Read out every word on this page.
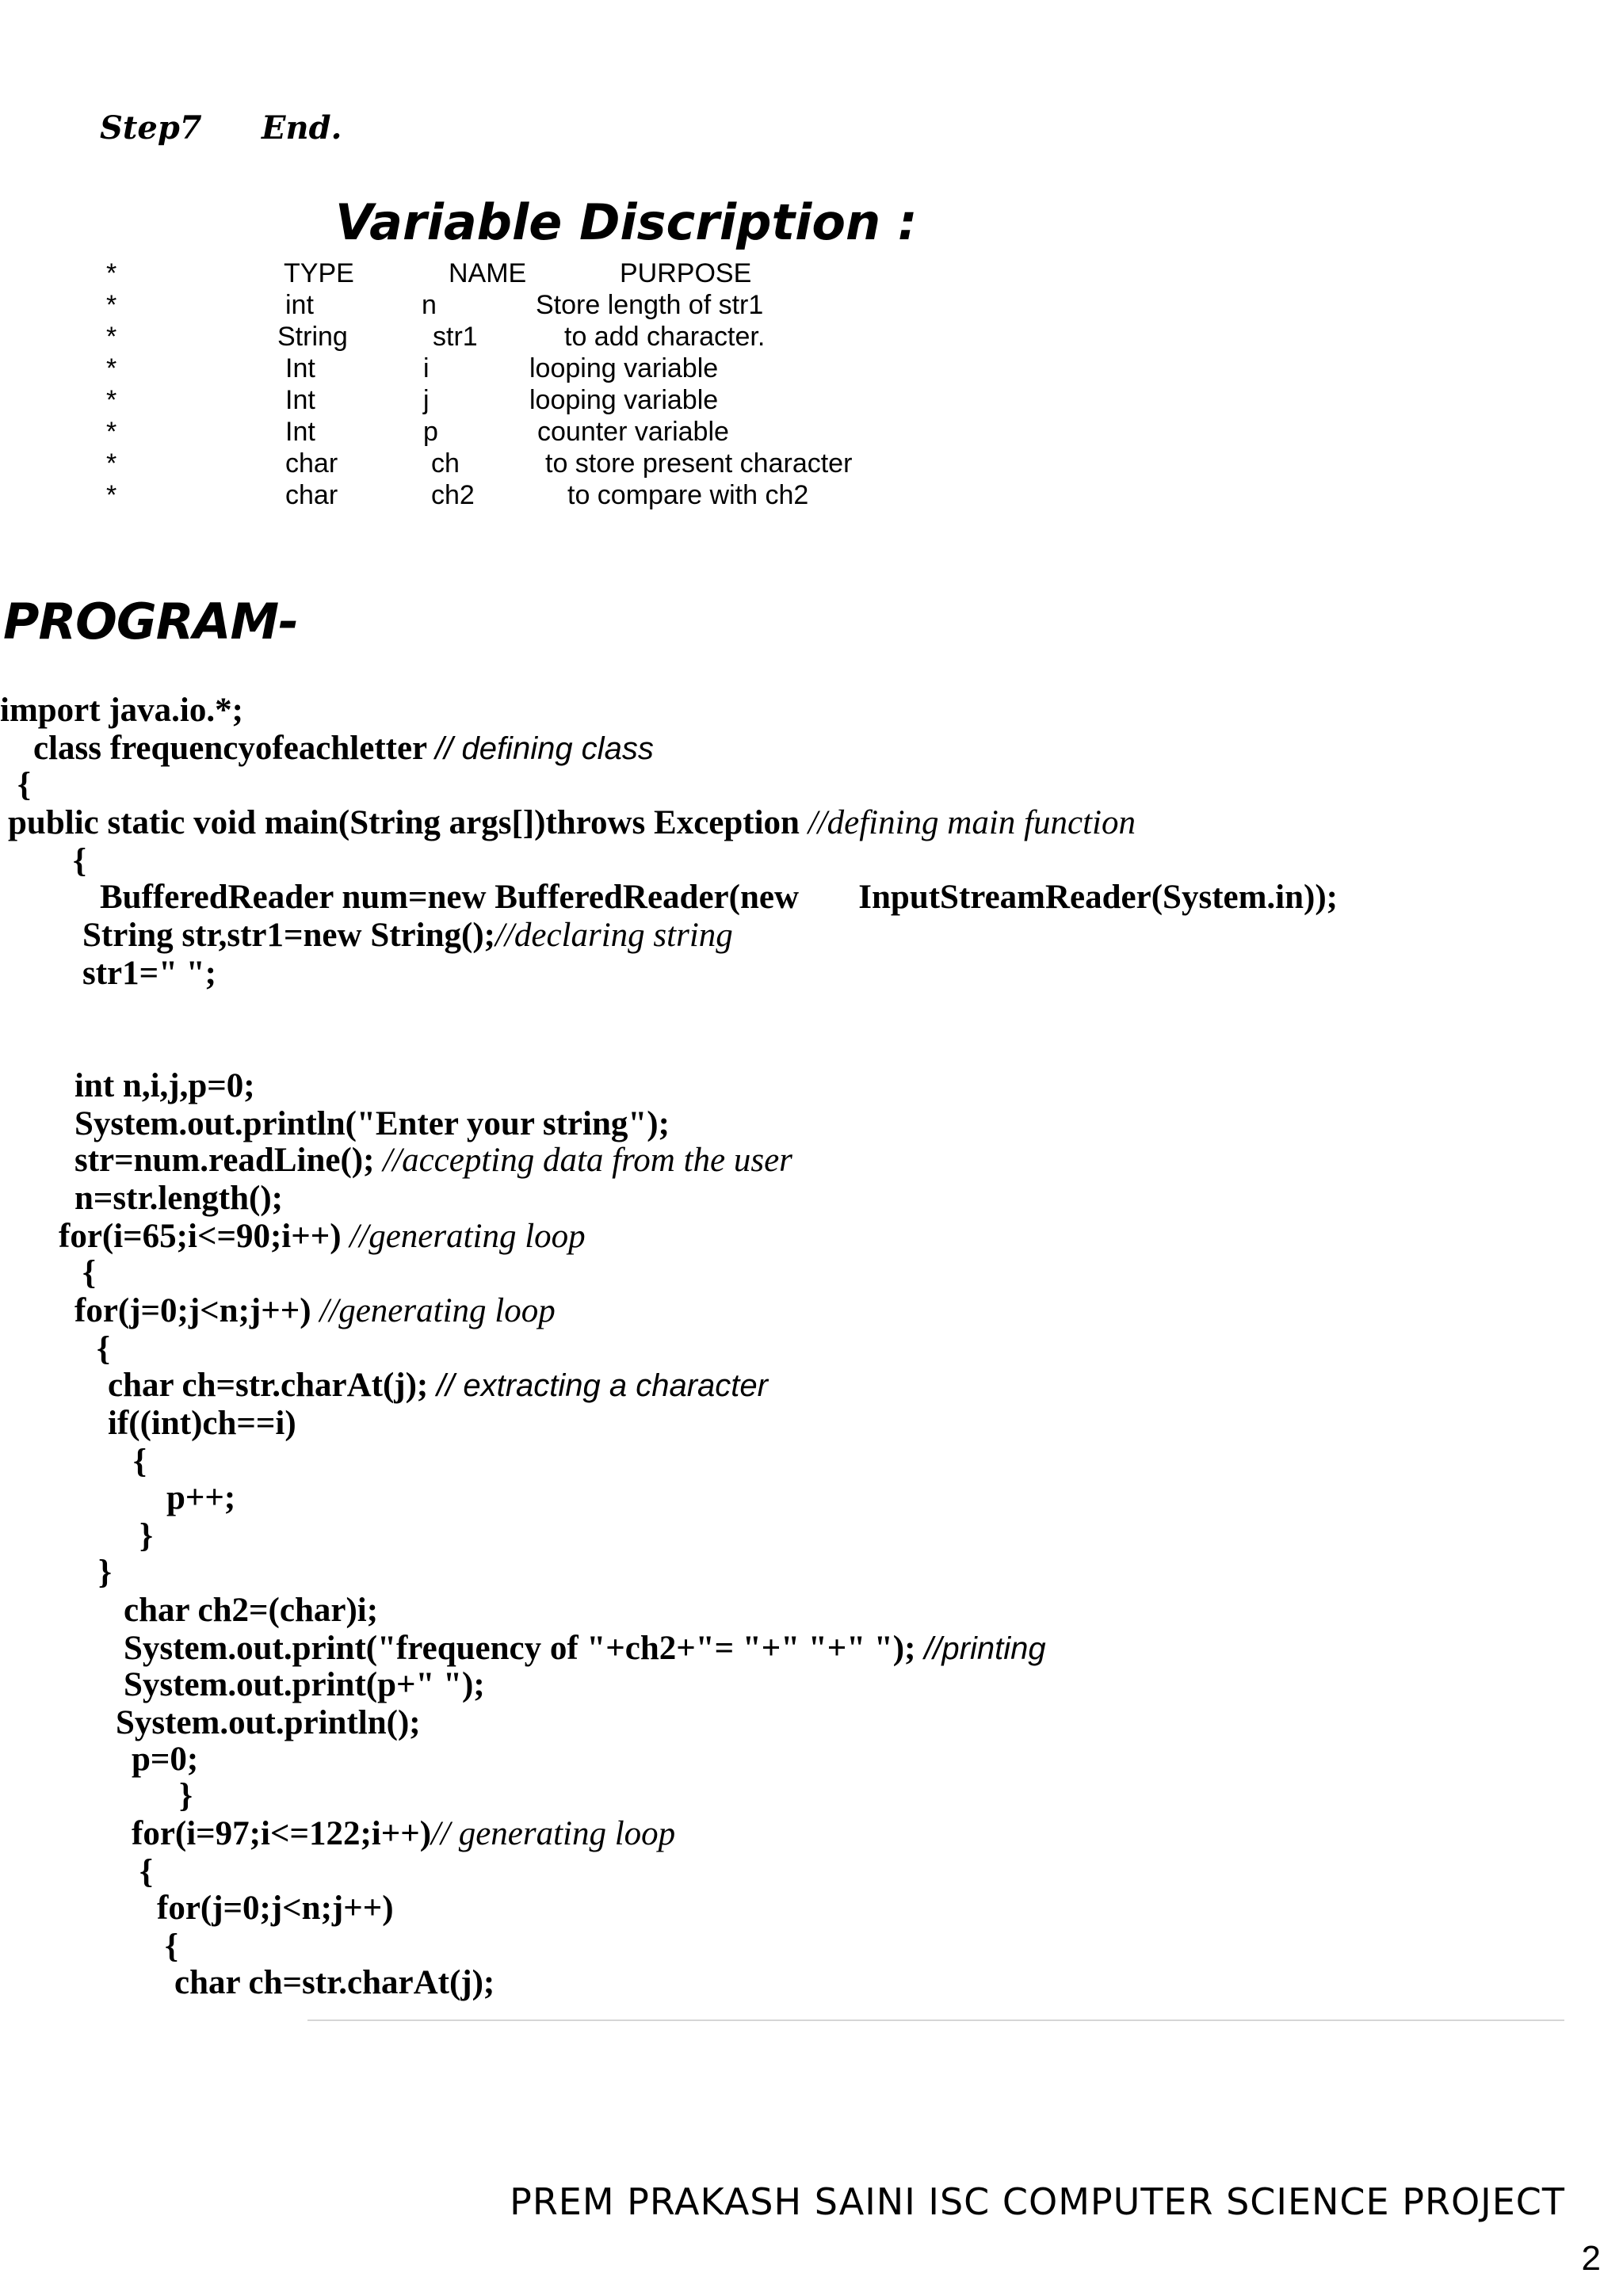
Step7 End.
Variable Discription :
*	TYPE	NAME	PURPOSE
*	int	n	Store length of str1
*	String	str1	to add character.
*	Int	i	looping variable
*	Int	j	looping variable
*	Int	p	counter variable
*	char	ch	to store present character
*	char	ch2	to compare with ch2
PROGRAM-
import java.io.*;
class frequencyofeachletter // defining class
{
public static void main(String args[])throws Exception //defining main function
{
BufferedReader num=new BufferedReader(new       InputStreamReader(System.in));
String str,str1=new String();//declaring string
str1=" ";
int n,i,j,p=0;
System.out.println("Enter your string");
str=num.readLine(); //accepting data from the user
n=str.length();
for(i=65;i<=90;i++) //generating loop
{
for(j=0;j<n;j++) //generating loop
{
char ch=str.charAt(j); // extracting a character
if((int)ch==i)
{
p++;
}
}
char ch2=(char)i;
System.out.print("frequency of "+ch2+"= "+" "+" "); //printing
System.out.print(p+" ");
System.out.println();
p=0;
}
for(i=97;i<=122;i++)// generating loop
{
for(j=0;j<n;j++)
{
char ch=str.charAt(j);
PREM PRAKASH SAINI ISC COMPUTER SCIENCE PROJECT
2
